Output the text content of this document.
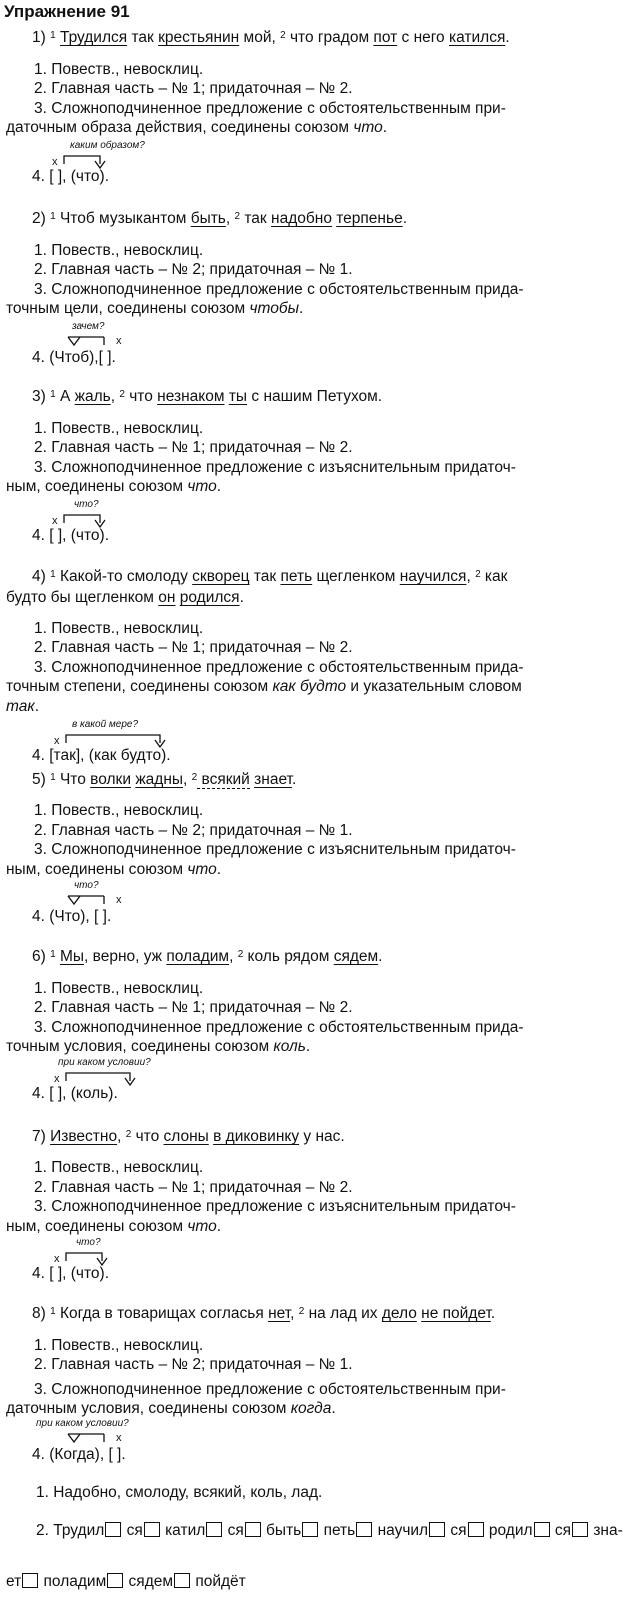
Упражнение 91
1) $^1$ Трудился так крестьянин мой, $^2$ что градом пот с него катился.
1. Повеств., невосклиц.
2. Главная часть – № 1; придаточная – № 2.
3. Сложноподчиненное предложение с обстоятельственным при-
даточным образа действия, соединены союзом что.
каким образом?
x
4. [ ], (что).
2) $^1$ Чтоб музыкантом быть, $^2$ так надобно терпенье.
1. Повеств., невосклиц.
2. Главная часть – № 2; придаточная – № 1.
3. Сложноподчиненное предложение с обстоятельственным прида-
точным цели, соединены союзом чтобы.
зачем?
x
4. (Чтоб),[ ].
3) $^1$ А жаль, $^2$ что незнаком ты с нашим Петухом.
1. Повеств., невосклиц.
2. Главная часть – № 1; придаточная – № 2.
3. Сложноподчиненное предложение с изъяснительным придаточ-
ным, соединены союзом что.
что?
x
4. [ ], (что).
4) $^1$ Какой-то смолоду скворец так петь щегленком научился, $^2$ как
будто бы щегленком он родился.
1. Повеств., невосклиц.
2. Главная часть – № 1; придаточная – № 2.
3. Сложноподчиненное предложение с обстоятельственным прида-
точным степени, соединены союзом как будто и указательным словом
так.
в какой мере?
x
4. [так], (как будто).
5) $^1$ Что волки жадны, $^2$ всякий знает.
1. Повеств., невосклиц.
2. Главная часть – № 2; придаточная – № 1.
3. Сложноподчиненное предложение с изъяснительным придаточ-
ным, соединены союзом что.
что?
x
4. (Что), [ ].
6) $^1$ Мы, верно, уж поладим, $^2$ коль рядом сядем.
1. Повеств., невосклиц.
2. Главная часть – № 1; придаточная – № 2.
3. Сложноподчиненное предложение с обстоятельственным прида-
точным условия, соединены союзом коль.
при каком условии?
x
4. [ ], (коль).
7) Известно, $^2$ что слоны в диковинку у нас.
1. Повеств., невосклиц.
2. Главная часть – № 1; придаточная – № 2.
3. Сложноподчиненное предложение с изъяснительным придаточ-
ным, соединены союзом что.
что?
x
4. [ ], (что).
8) $^1$ Когда в товарищах согласья нет, $^2$ на лад их дело не пойдет.
1. Повеств., невосклиц.
2. Главная часть – № 2; придаточная – № 1.
3. Сложноподчиненное предложение с обстоятельственным при-
даточным условия, соединены союзом когда.
при каком условии?
x
4. (Когда), [ ].
1. Надобно, смолоду, всякий, коль, лад.
2. Трудил ся катил ся быть петь научил ся родил ся зна-
ет поладим сядем пойдёт
